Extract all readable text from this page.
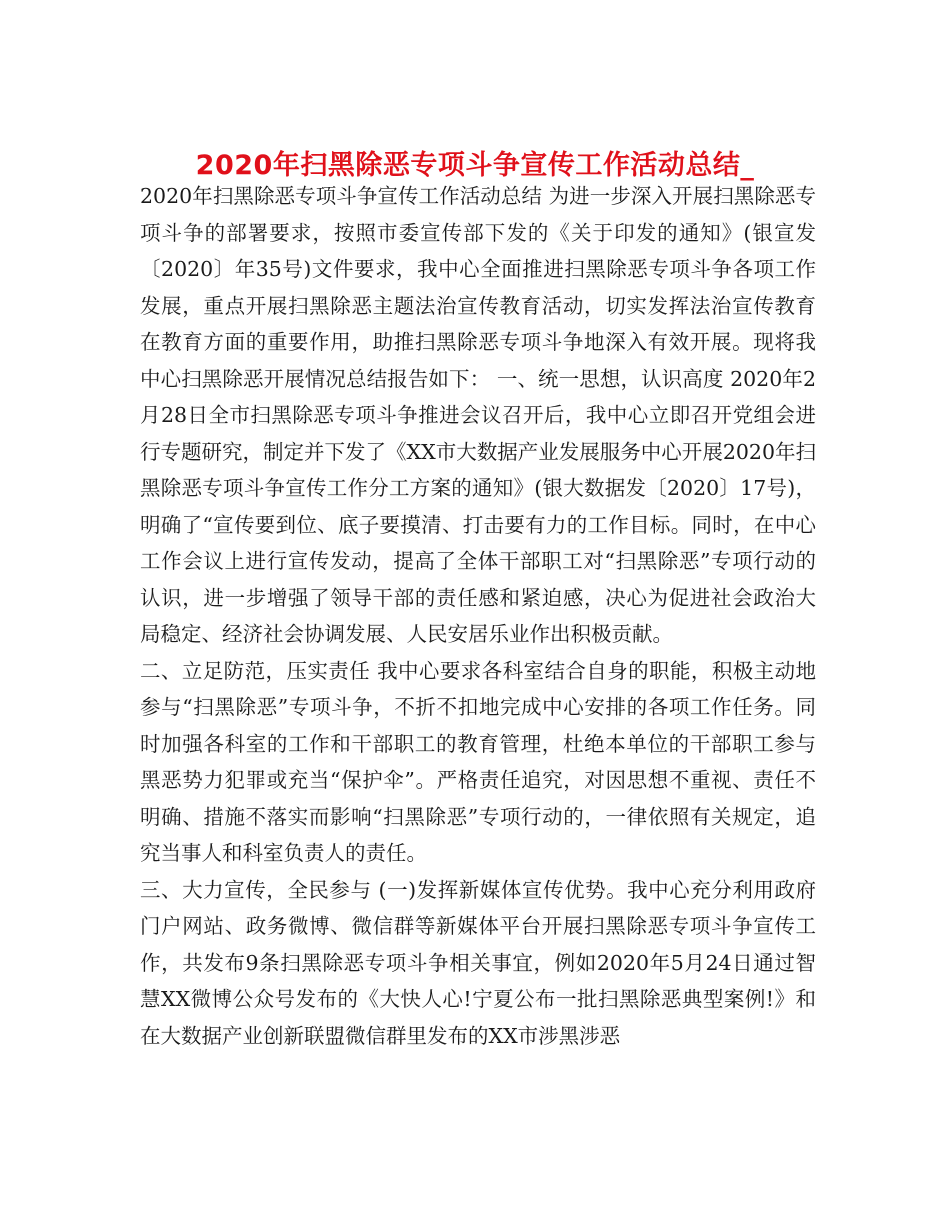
2020年扫黑除恶专项斗争宣传工作活动总结_

2020年扫黑除恶专项斗争宣传工作活动总结 为进一步深入开展扫黑除恶专项斗争的部署要求，按照市委宣传部下发的《关于印发的通知》(银宣发〔2020〕年35号)文件要求，我中心全面推进扫黑除恶专项斗争各项工作发展，重点开展扫黑除恶主题法治宣传教育活动，切实发挥法治宣传教育在教育方面的重要作用，助推扫黑除恶专项斗争地深入有效开展。现将我中心扫黑除恶开展情况总结报告如下： 一、统一思想，认识高度 2020年2月28日全市扫黑除恶专项斗争推进会议召开后，我中心立即召开党组会进行专题研究，制定并下发了《XX市大数据产业发展服务中心开展2020年扫黑除恶专项斗争宣传工作分工方案的通知》(银大数据发〔2020〕17号)，明确了“宣传要到位、底子要摸清、打击要有力的工作目标。同时，在中心工作会议上进行宣传发动，提高了全体干部职工对“扫黑除恶”专项行动的认识，进一步增强了领导干部的责任感和紧迫感，决心为促进社会政治大局稳定、经济社会协调发展、人民安居乐业作出积极贡献。

二、立足防范，压实责任 我中心要求各科室结合自身的职能，积极主动地参与“扫黑除恶”专项斗争，不折不扣地完成中心安排的各项工作任务。同时加强各科室的工作和干部职工的教育管理，杜绝本单位的干部职工参与黑恶势力犯罪或充当“保护伞”。严格责任追究，对因思想不重视、责任不明确、措施不落实而影响“扫黑除恶”专项行动的，一律依照有关规定，追究当事人和科室负责人的责任。

三、大力宣传，全民参与 (一)发挥新媒体宣传优势。我中心充分利用政府门户网站、政务微博、微信群等新媒体平台开展扫黑除恶专项斗争宣传工作，共发布9条扫黑除恶专项斗争相关事宜，例如2020年5月24日通过智慧XX微博公众号发布的《大快人心!宁夏公布一批扫黑除恶典型案例!》和在大数据产业创新联盟微信群里发布的XX市涉黑涉恶
